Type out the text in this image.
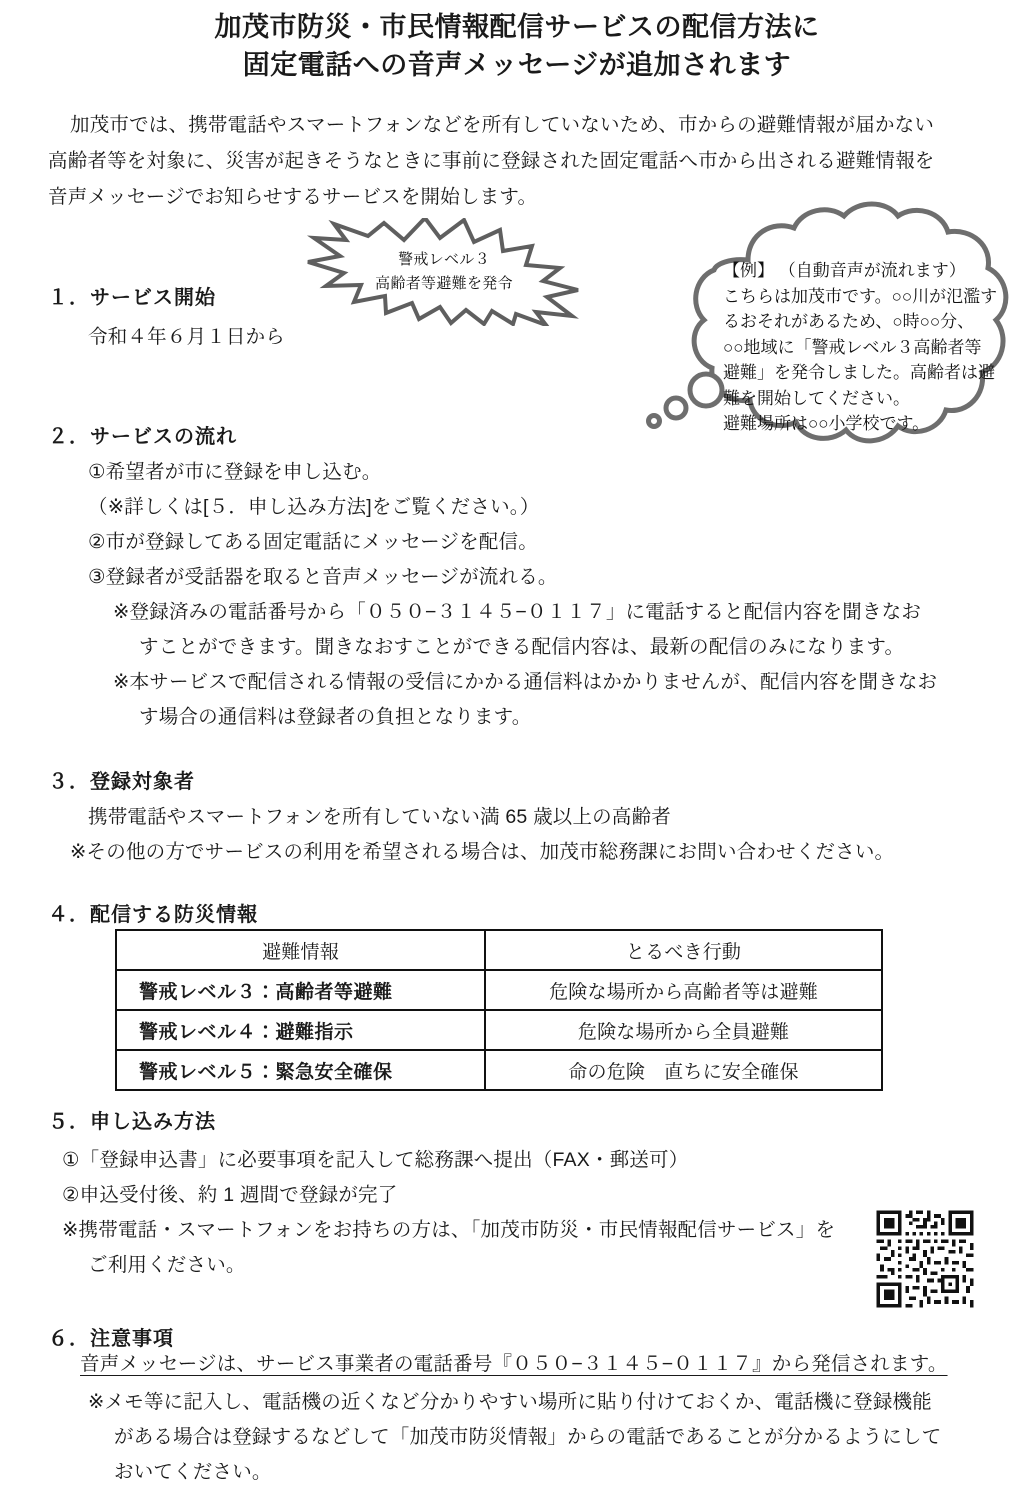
加茂市防災・市民情報配信サービスの配信方法に
固定電話への音声メッセージが追加されます
加茂市では、携帯電話やスマートフォンなどを所有していないため、市からの避難情報が届かない
高齢者等を対象に、災害が起きそうなときに事前に登録された固定電話へ市から出される避難情報を
音声メッセージでお知らせするサービスを開始します。
警戒レベル３
高齢者等避難を発令
【例】 （自動音声が流れます）
こちらは加茂市です。○○川が氾濫す
るおそれがあるため、○時○○分、
○○地域に「警戒レベル３高齢者等
避難」を発令しました。高齢者は避
難を開始してください。
避難場所は○○小学校です。
１．サービス開始
令和４年６月１日から
２．サービスの流れ
①希望者が市に登録を申し込む。
（※詳しくは[５．申し込み方法]をご覧ください。）
②市が登録してある固定電話にメッセージを配信。
③登録者が受話器を取ると音声メッセージが流れる。
※登録済みの電話番号から「０５０−３１４５−０１１７」に電話すると配信内容を聞きなお
すことができます。聞きなおすことができる配信内容は、最新の配信のみになります。
※本サービスで配信される情報の受信にかかる通信料はかかりませんが、配信内容を聞きなお
す場合の通信料は登録者の負担となります。
３．登録対象者
携帯電話やスマートフォンを所有していない満 65 歳以上の高齢者
※その他の方でサービスの利用を希望される場合は、加茂市総務課にお問い合わせください。
４．配信する防災情報
避難情報	とるべき行動
警戒レベル３：高齢者等避難	危険な場所から高齢者等は避難
警戒レベル４：避難指示	危険な場所から全員避難
警戒レベル５：緊急安全確保	命の危険　直ちに安全確保
５．申し込み方法
①「登録申込書」に必要事項を記入して総務課へ提出（FAX・郵送可）
②申込受付後、約 1 週間で登録が完了
※携帯電話・スマートフォンをお持ちの方は、「加茂市防災・市民情報配信サービス」を
ご利用ください。
６．注意事項
音声メッセージは、サービス事業者の電話番号『０５０−３１４５−０１１７』から発信されます。
※メモ等に記入し、電話機の近くなど分かりやすい場所に貼り付けておくか、電話機に登録機能
がある場合は登録するなどして「加茂市防災情報」からの電話であることが分かるようにして
おいてください。
